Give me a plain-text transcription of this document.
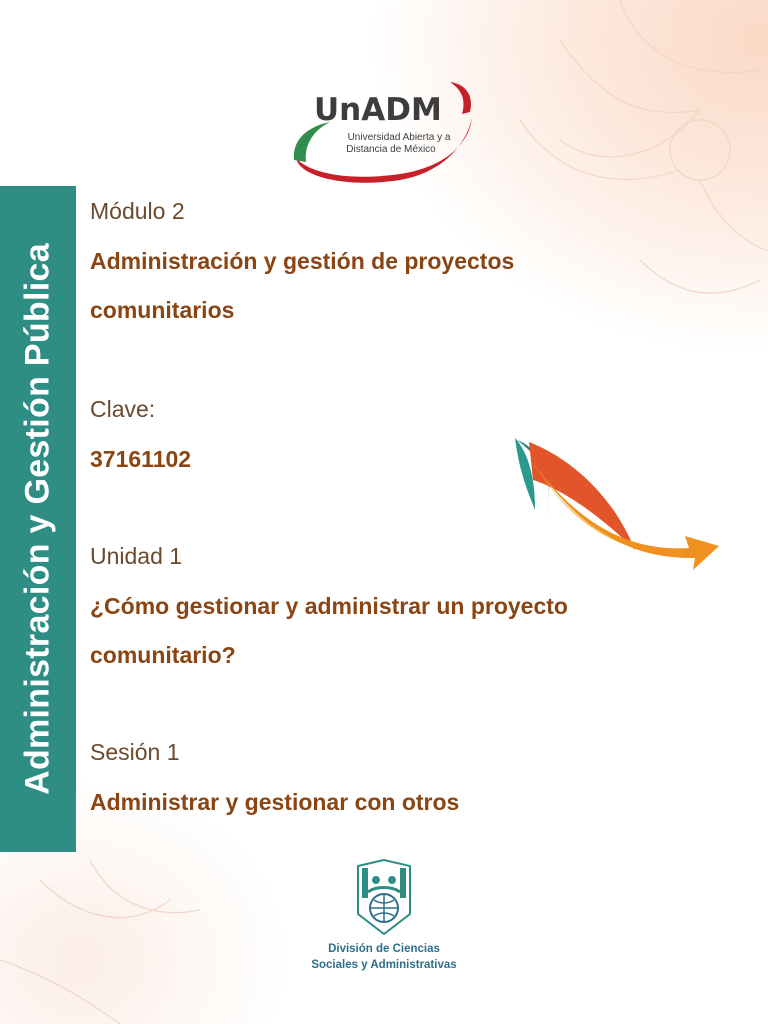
UnADM
Universidad Abierta y a
Distancia de México
Administración y Gestión Pública
Módulo 2
Administración y gestión de proyectos
comunitarios
Clave:
37161102
Unidad 1
¿Cómo gestionar y administrar un proyecto
comunitario?
Sesión 1
Administrar y gestionar con otros
División de Ciencias
Sociales y Administrativas
